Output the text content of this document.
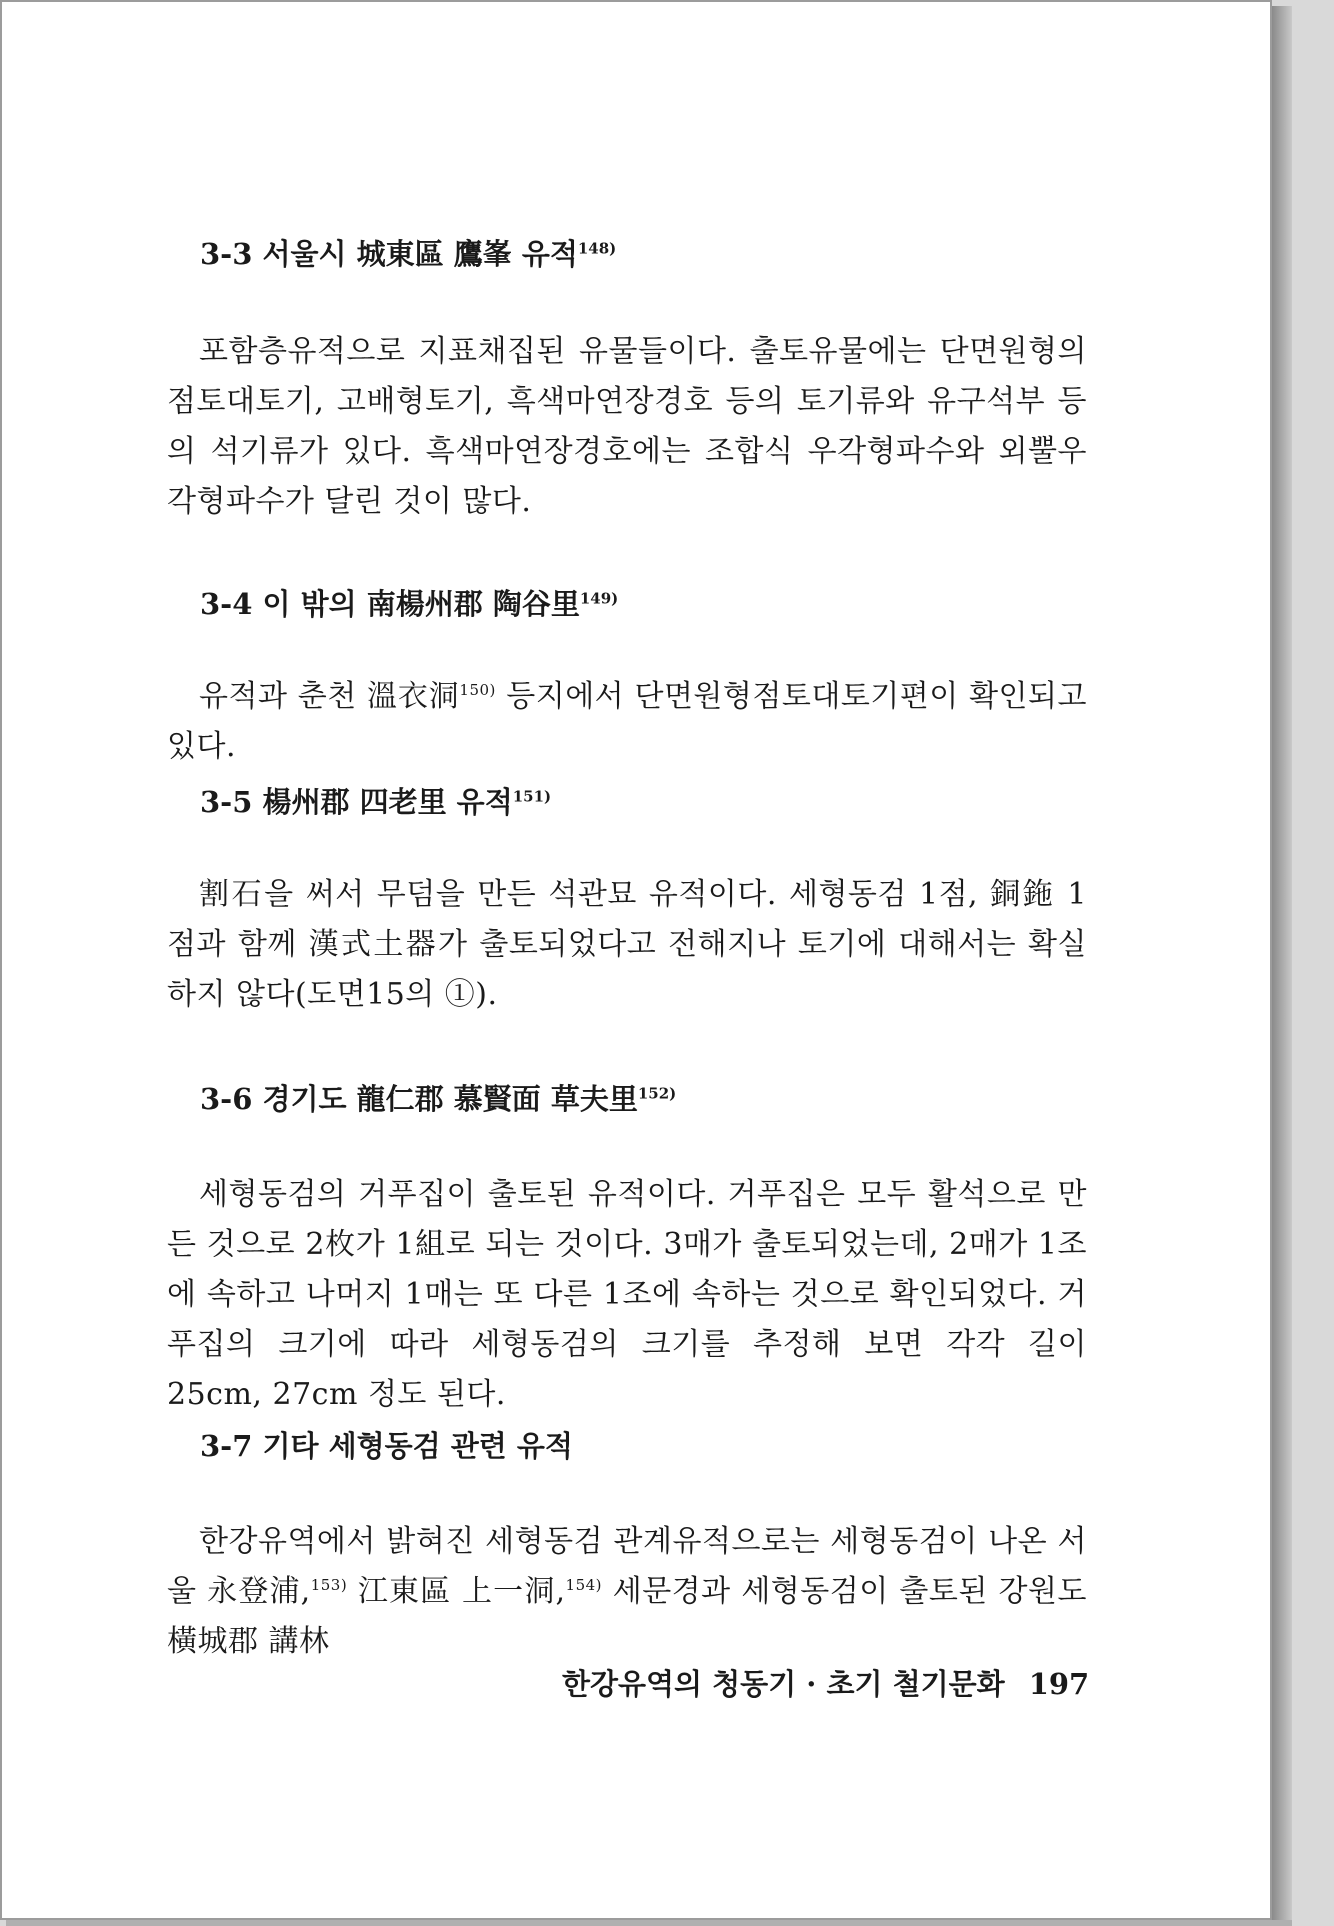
3-3 서울시 城東區 鷹峯 유적$^{148)}$
포함층유적으로 지표채집된 유물들이다. 출토유물에는 단면원형의 점토대토기, 고배형토기, 흑색마연장경호 등의 토기류와 유구석부 등의 석기류가 있다. 흑색마연장경호에는 조합식 우각형파수와 외뿔우각형파수가 달린 것이 많다.
3-4 이 밖의 南楊州郡 陶谷里$^{149)}$
유적과 춘천 溫衣洞$^{150)}$ 등지에서 단면원형점토대토기편이 확인되고 있다.
3-5 楊州郡 四老里 유적$^{151)}$
割石을 써서 무덤을 만든 석관묘 유적이다. 세형동검 1점, 銅鉇 1점과 함께 漢式土器가 출토되었다고 전해지나 토기에 대해서는 확실하지 않다(도면15의 ①).
3-6 경기도 龍仁郡 慕賢面 草夫里$^{152)}$
세형동검의 거푸집이 출토된 유적이다. 거푸집은 모두 활석으로 만든 것으로 2枚가 1組로 되는 것이다. 3매가 출토되었는데, 2매가 1조에 속하고 나머지 1매는 또 다른 1조에 속하는 것으로 확인되었다. 거푸집의 크기에 따라 세형동검의 크기를 추정해 보면 각각 길이 25cm, 27cm 정도 된다.
3-7 기타 세형동검 관련 유적
한강유역에서 밝혀진 세형동검 관계유적으로는 세형동검이 나온 서울 永登浦,$^{153)}$ 江東區 上一洞,$^{154)}$ 세문경과 세형동검이 출토된 강원도 橫城郡 講林
한강유역의 청동기 · 초기 철기문화 197
